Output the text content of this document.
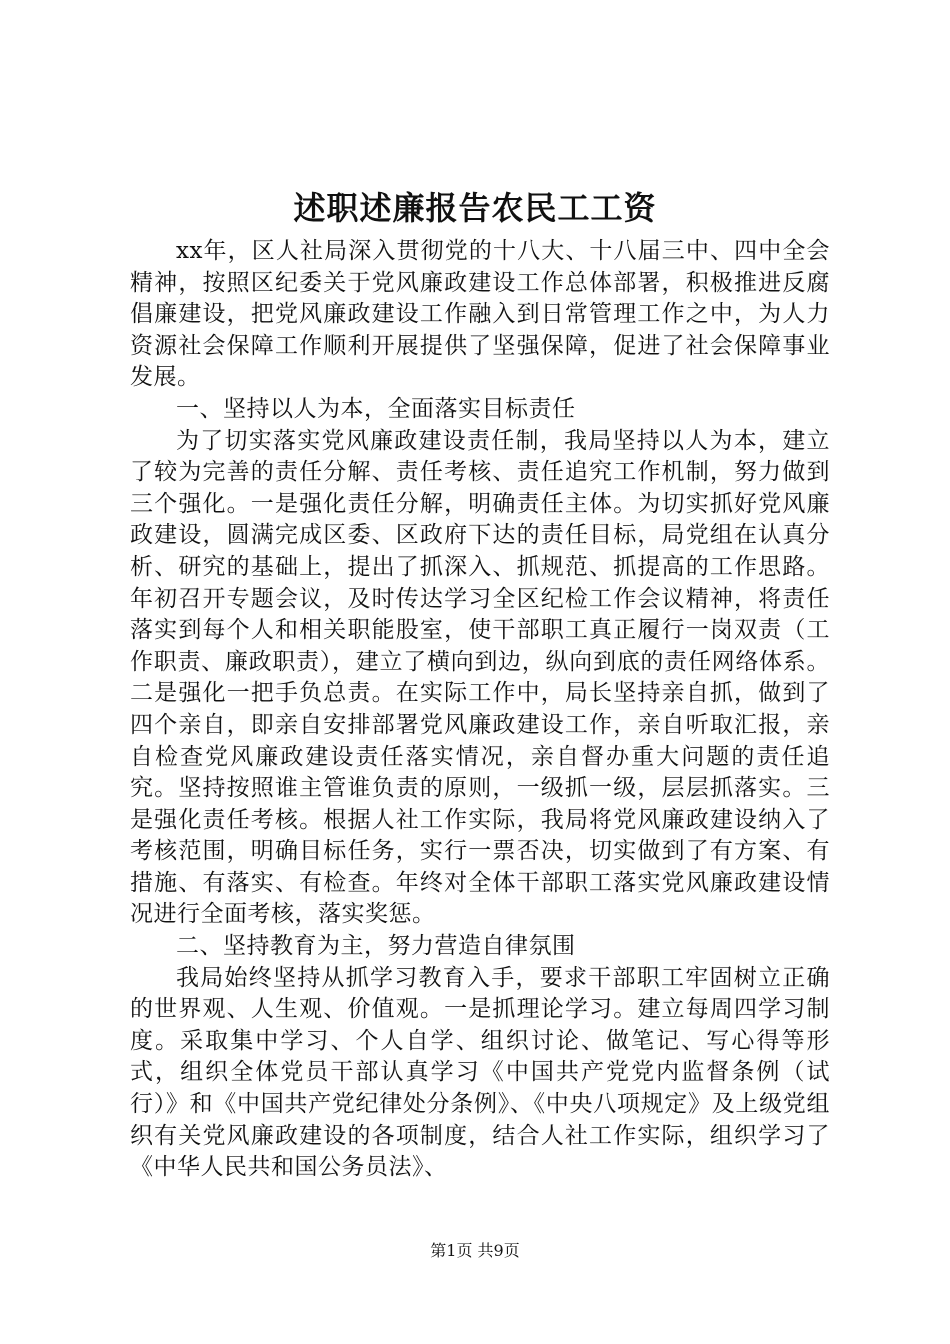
述职述廉报告农民工工资

xx年，区人社局深入贯彻党的十八大、十八届三中、四中全会精神，按照区纪委关于党风廉政建设工作总体部署，积极推进反腐倡廉建设，把党风廉政建设工作融入到日常管理工作之中，为人力资源社会保障工作顺利开展提供了坚强保障，促进了社会保障事业发展。

一、坚持以人为本，全面落实目标责任

为了切实落实党风廉政建设责任制，我局坚持以人为本，建立了较为完善的责任分解、责任考核、责任追究工作机制，努力做到三个强化。一是强化责任分解，明确责任主体。为切实抓好党风廉政建设，圆满完成区委、区政府下达的责任目标，局党组在认真分析、研究的基础上，提出了抓深入、抓规范、抓提高的工作思路。年初召开专题会议，及时传达学习全区纪检工作会议精神，将责任落实到每个人和相关职能股室，使干部职工真正履行一岗双责（工作职责、廉政职责），建立了横向到边，纵向到底的责任网络体系。二是强化一把手负总责。在实际工作中，局长坚持亲自抓，做到了四个亲自，即亲自安排部署党风廉政建设工作，亲自听取汇报，亲自检查党风廉政建设责任落实情况，亲自督办重大问题的责任追究。坚持按照谁主管谁负责的原则，一级抓一级，层层抓落实。三是强化责任考核。根据人社工作实际，我局将党风廉政建设纳入了考核范围，明确目标任务，实行一票否决，切实做到了有方案、有措施、有落实、有检查。年终对全体干部职工落实党风廉政建设情况进行全面考核，落实奖惩。

二、坚持教育为主，努力营造自律氛围

我局始终坚持从抓学习教育入手，要求干部职工牢固树立正确的世界观、人生观、价值观。一是抓理论学习。建立每周四学习制度。采取集中学习、个人自学、组织讨论、做笔记、写心得等形式，组织全体党员干部认真学习《中国共产党党内监督条例（试行）》和《中国共产党纪律处分条例》、《中央八项规定》及上级党组织有关党风廉政建设的各项制度，结合人社工作实际，组织学习了《中华人民共和国公务员法》、

第1页 共9页
